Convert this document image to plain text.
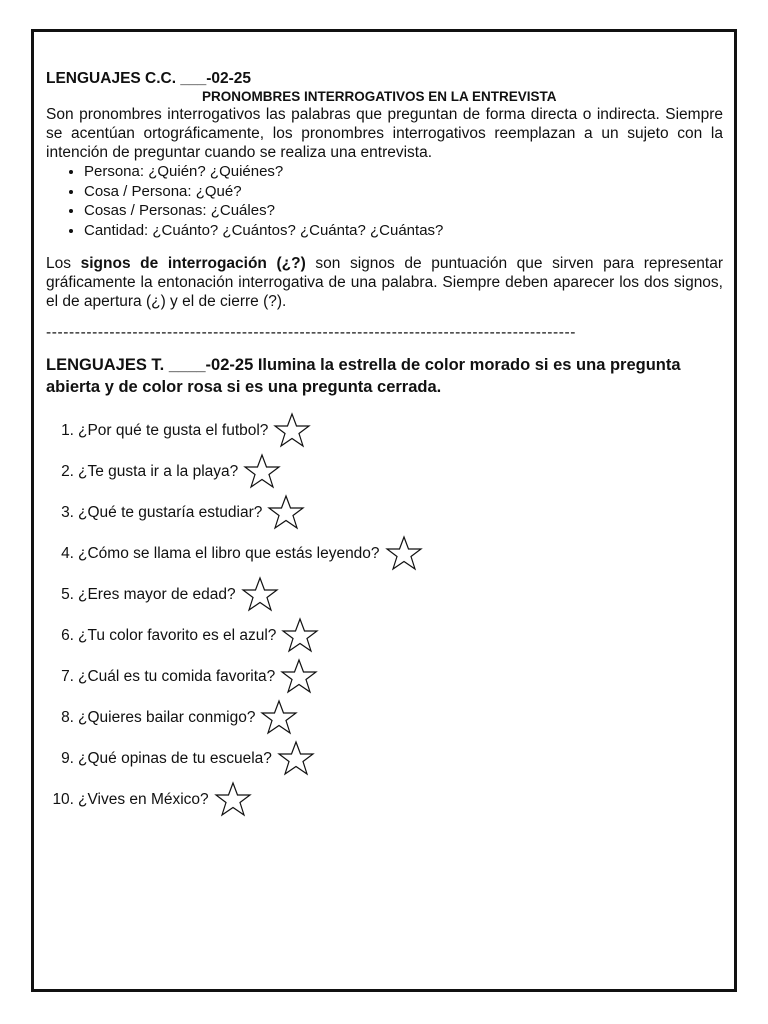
LENGUAJES C.C. ___-02-25
PRONOMBRES INTERROGATIVOS EN LA ENTREVISTA

Son pronombres interrogativos las palabras que preguntan de forma directa o indirecta. Siempre se acentúan ortográficamente, los pronombres interrogativos reemplazan a un sujeto con la intención de preguntar cuando se realiza una entrevista.

• Persona: ¿Quién? ¿Quiénes?
• Cosa / Persona: ¿Qué?
• Cosas / Personas: ¿Cuáles?
• Cantidad: ¿Cuánto? ¿Cuántos? ¿Cuánta? ¿Cuántas?

Los signos de interrogación (¿?) son signos de puntuación que sirven para representar gráficamente la entonación interrogativa de una palabra. Siempre deben aparecer los dos signos, el de apertura (¿) y el de cierre (?).

--------------------------------------------------------------------------------------------
LENGUAJES T. ____-02-25 Ilumina la estrella de color morado si es una pregunta abierta y de color rosa si es una pregunta cerrada.
1. ¿Por qué te gusta el futbol?
2. ¿Te gusta ir a la playa?
3. ¿Qué te gustaría estudiar?
4. ¿Cómo se llama el libro que estás leyendo?
5. ¿Eres mayor de edad?
6. ¿Tu color favorito es el azul?
7. ¿Cuál es tu comida favorita?
8. ¿Quieres bailar conmigo?
9. ¿Qué opinas de tu escuela?
10. ¿Vives en México?
